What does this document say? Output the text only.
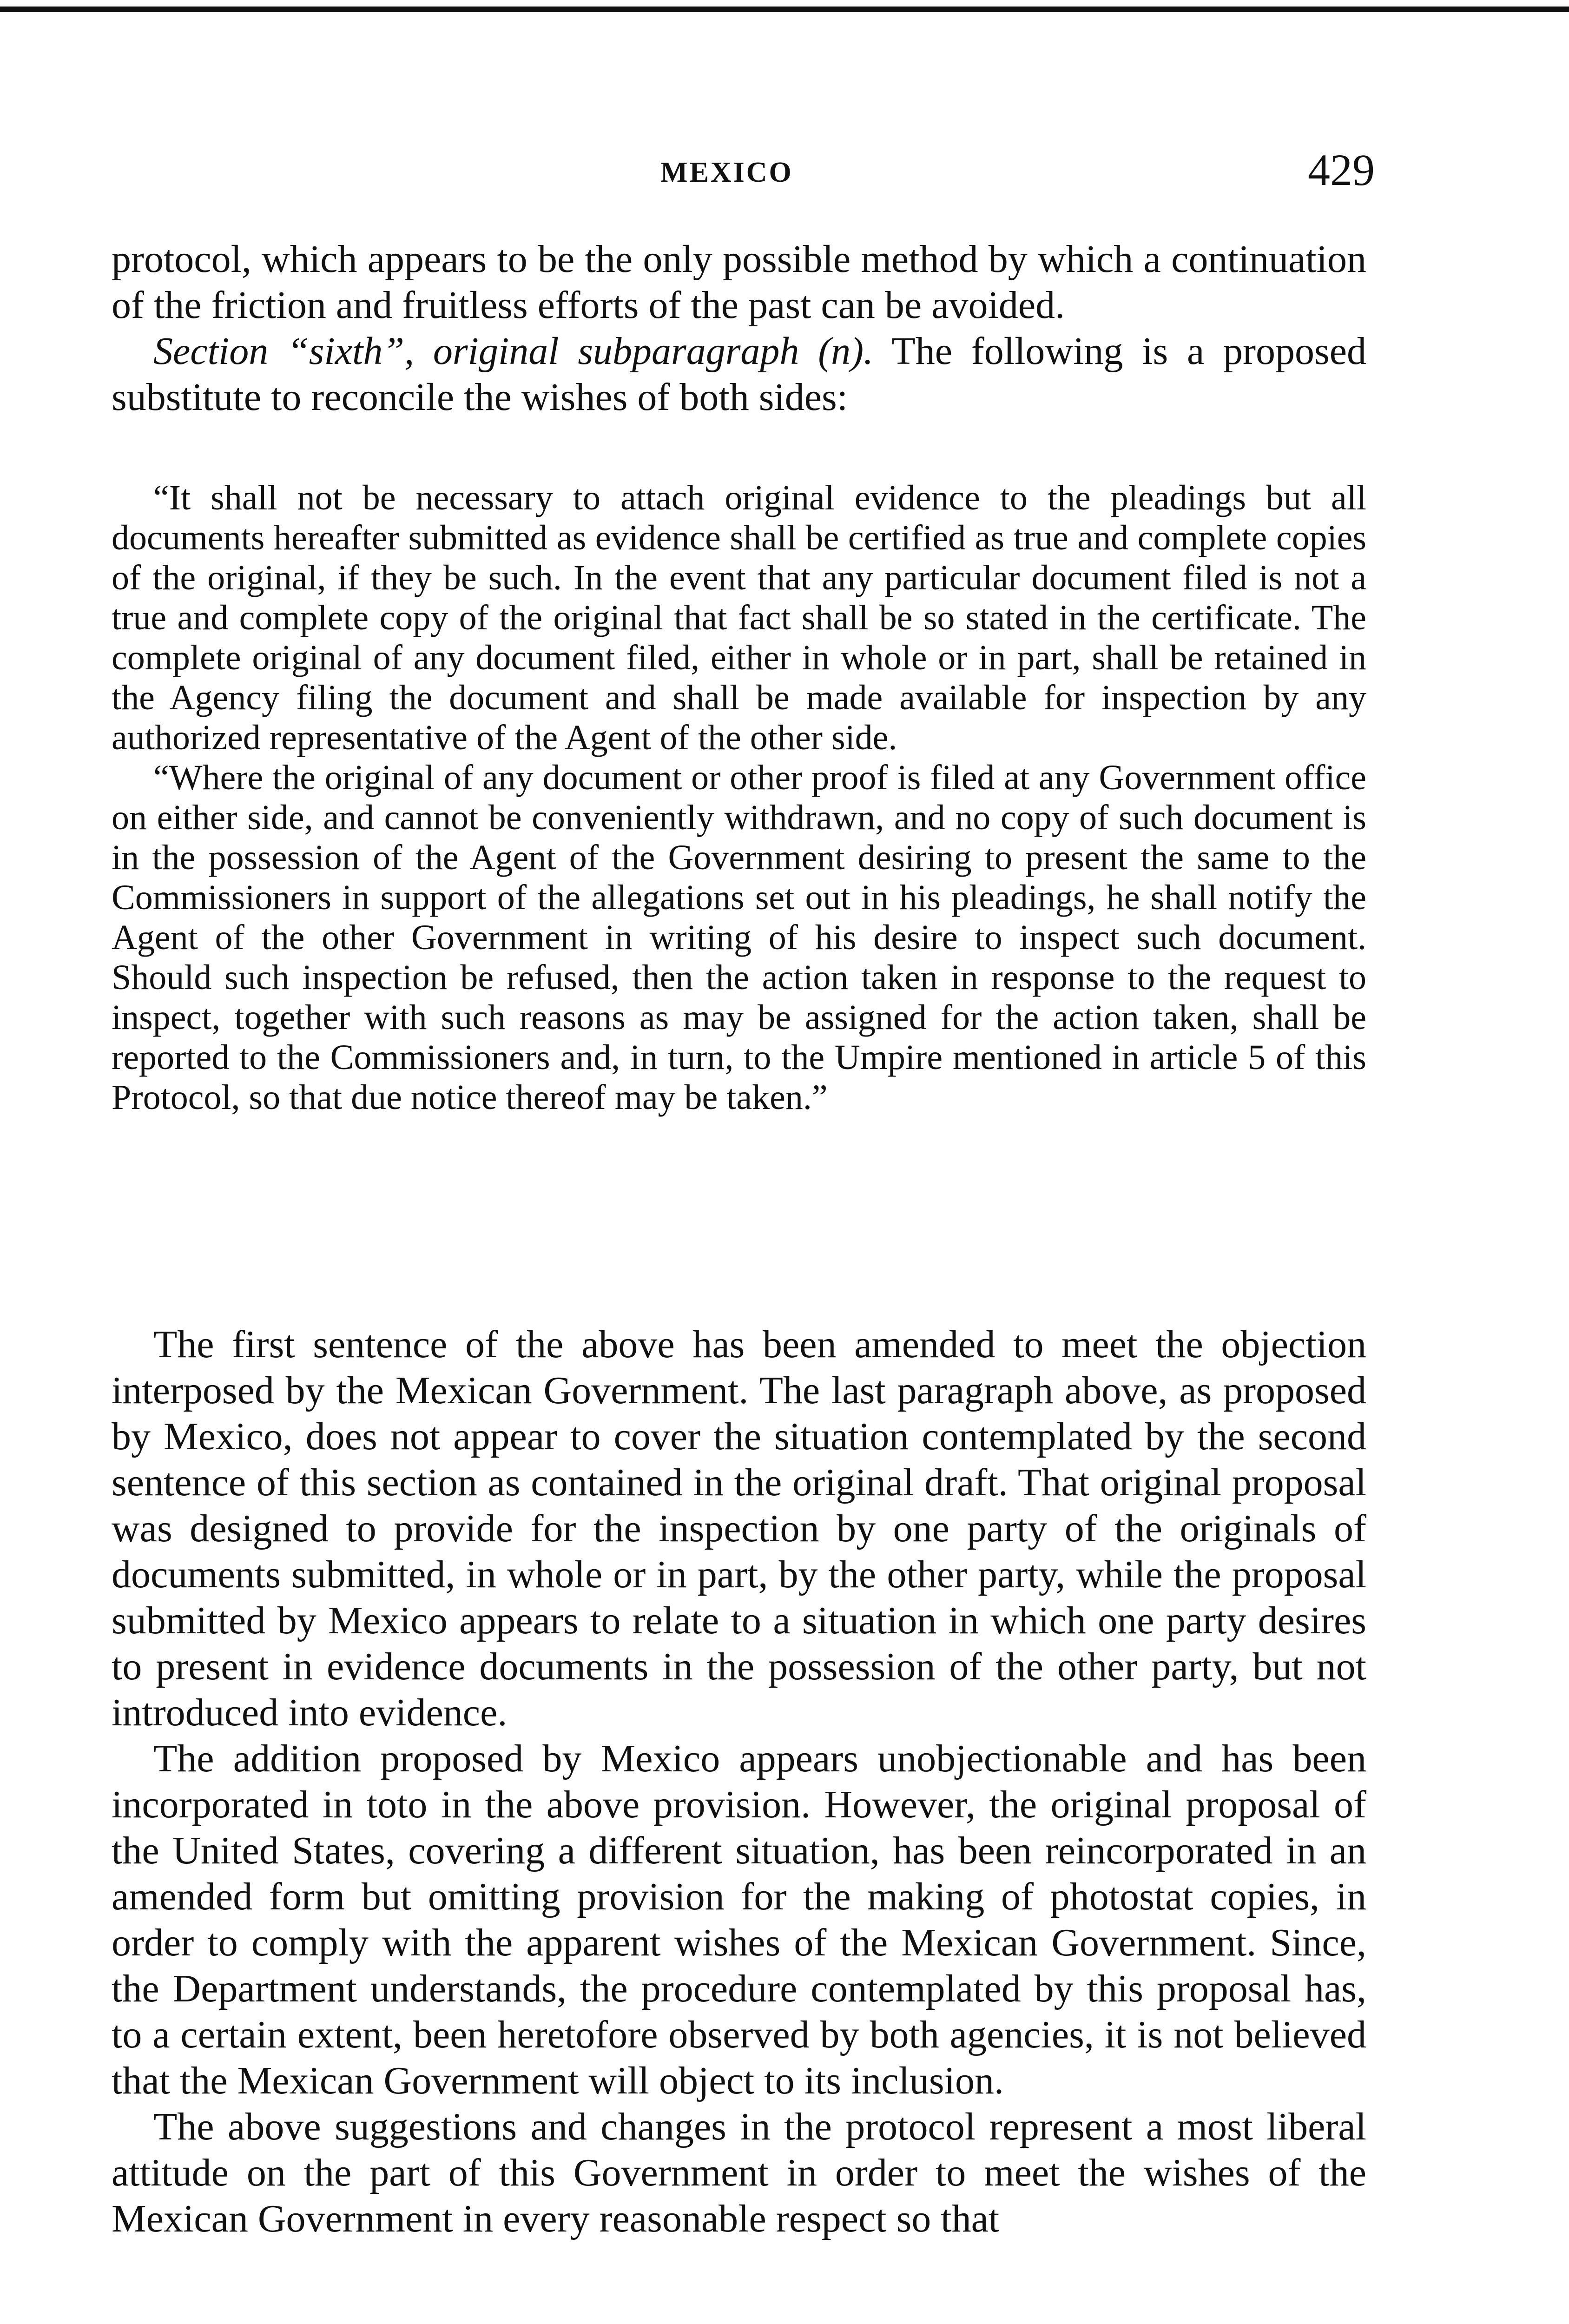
MEXICO	429

protocol, which appears to be the only possible method by which a continuation of the friction and fruitless efforts of the past can be avoided.

Section “sixth”, original subparagraph (n). The following is a proposed substitute to reconcile the wishes of both sides:

“It shall not be necessary to attach original evidence to the pleadings but all documents hereafter submitted as evidence shall be certified as true and complete copies of the original, if they be such. In the event that any particular document filed is not a true and complete copy of the original that fact shall be so stated in the certificate. The complete original of any document filed, either in whole or in part, shall be retained in the Agency filing the document and shall be made available for inspection by any authorized representative of the Agent of the other side.

“Where the original of any document or other proof is filed at any Government office on either side, and cannot be conveniently withdrawn, and no copy of such document is in the possession of the Agent of the Government desiring to present the same to the Commissioners in support of the allegations set out in his pleadings, he shall notify the Agent of the other Government in writing of his desire to inspect such document. Should such inspection be refused, then the action taken in response to the request to inspect, together with such reasons as may be assigned for the action taken, shall be reported to the Commissioners and, in turn, to the Umpire mentioned in article 5 of this Protocol, so that due notice thereof may be taken.”

The first sentence of the above has been amended to meet the objection interposed by the Mexican Government. The last paragraph above, as proposed by Mexico, does not appear to cover the situation contemplated by the second sentence of this section as contained in the original draft. That original proposal was designed to provide for the inspection by one party of the originals of documents submitted, in whole or in part, by the other party, while the proposal submitted by Mexico appears to relate to a situation in which one party desires to present in evidence documents in the possession of the other party, but not introduced into evidence.

The addition proposed by Mexico appears unobjectionable and has been incorporated in toto in the above provision. However, the original proposal of the United States, covering a different situation, has been reincorporated in an amended form but omitting provision for the making of photostat copies, in order to comply with the apparent wishes of the Mexican Government. Since, the Department understands, the procedure contemplated by this proposal has, to a certain extent, been heretofore observed by both agencies, it is not believed that the Mexican Government will object to its inclusion.

The above suggestions and changes in the protocol represent a most liberal attitude on the part of this Government in order to meet the wishes of the Mexican Government in every reasonable respect so that
